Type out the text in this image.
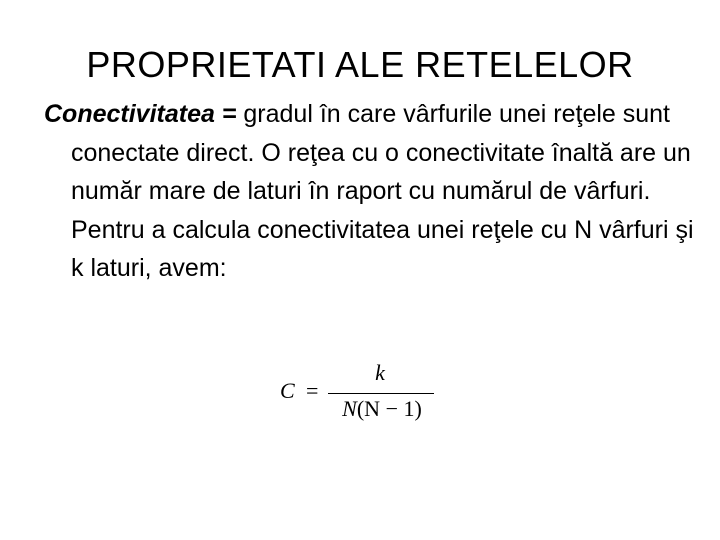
PROPRIETATI ALE RETELELOR

Conectivitatea = gradul în care vârfurile unei reţele sunt conectate direct. O reţea cu o conectivitate înaltă are un număr mare de laturi în raport cu numărul de vârfuri. Pentru a calcula conectivitatea unei reţele cu N vârfuri şi k laturi, avem:

C =
k
N(N − 1)
